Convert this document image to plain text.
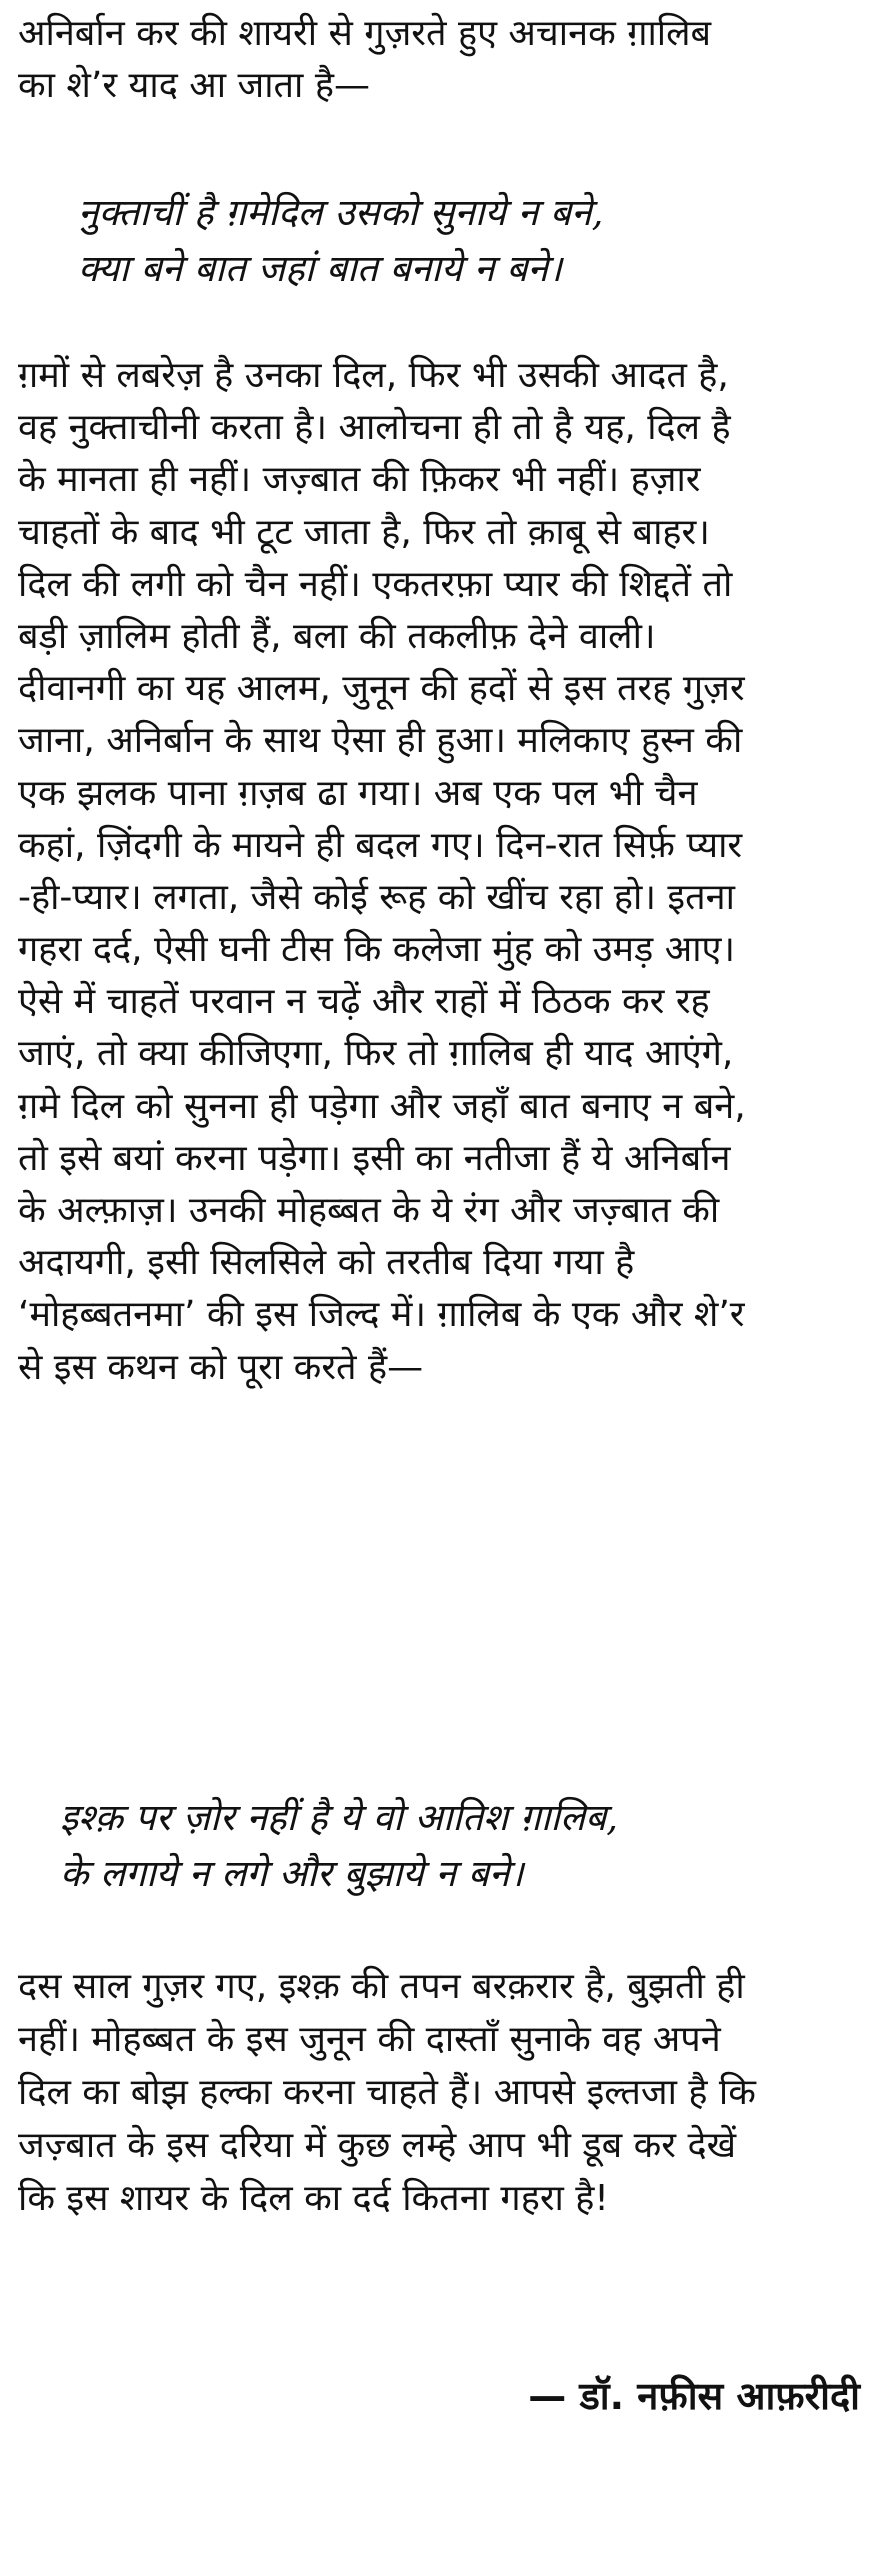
अनिर्बान कर की शायरी से गुज़रते हुए अचानक ग़ालिब
का शे’र याद आ जाता है—
नुक्ताचीं है ग़मेदिल उसको सुनाये न बने,
क्या बने बात जहां बात बनाये न बने।
ग़मों से लबरेज़ है उनका दिल, फिर भी उसकी आदत है,
वह नुक्ताचीनी करता है। आलोचना ही तो है यह, दिल है
के मानता ही नहीं। जज़्बात की फ़िकर भी नहीं। हज़ार
चाहतों के बाद भी टूट जाता है, फिर तो क़ाबू से बाहर।
दिल की लगी को चैन नहीं। एकतरफ़ा प्यार की शिद्दतें तो
बड़ी ज़ालिम होती हैं, बला की तकलीफ़ देने वाली।
दीवानगी का यह आलम, जुनून की हदों से इस तरह गुज़र
जाना, अनिर्बान के साथ ऐसा ही हुआ। मलिकाए हुस्न की
एक झलक पाना ग़ज़ब ढा गया। अब एक पल भी चैन
कहां, ज़िंदगी के मायने ही बदल गए। दिन-रात सिर्फ़ प्यार
-ही-प्यार। लगता, जैसे कोई रूह को खींच रहा हो। इतना
गहरा दर्द, ऐसी घनी टीस कि कलेजा मुंह को उमड़ आए।
ऐसे में चाहतें परवान न चढ़ें और राहों में ठिठक कर रह
जाएं, तो क्या कीजिएगा, फिर तो ग़ालिब ही याद आएंगे,
ग़मे दिल को सुनना ही पड़ेगा और जहाँ बात बनाए न बने,
तो इसे बयां करना पड़ेगा। इसी का नतीजा हैं ये अनिर्बान
के अल्फ़ाज़। उनकी मोहब्बत के ये रंग और जज़्बात की
अदायगी, इसी सिलसिले को तरतीब दिया गया है
‘मोहब्बतनमा’ की इस जिल्द में। ग़ालिब के एक और शे’र
से इस कथन को पूरा करते हैं—
इश्क़ पर ज़ोर नहीं है ये वो आतिश ग़ालिब,
के लगाये न लगे और बुझाये न बने।
दस साल गुज़र गए, इश्क़ की तपन बरक़रार है, बुझती ही
नहीं। मोहब्बत के इस जुनून की दास्ताँ सुनाके वह अपने
दिल का बोझ हल्का करना चाहते हैं। आपसे इल्तजा है कि
जज़्बात के इस दरिया में कुछ लम्हे आप भी डूब कर देखें
कि इस शायर के दिल का दर्द कितना गहरा है!
— डॉ. नफ़ीस आफ़रीदी
